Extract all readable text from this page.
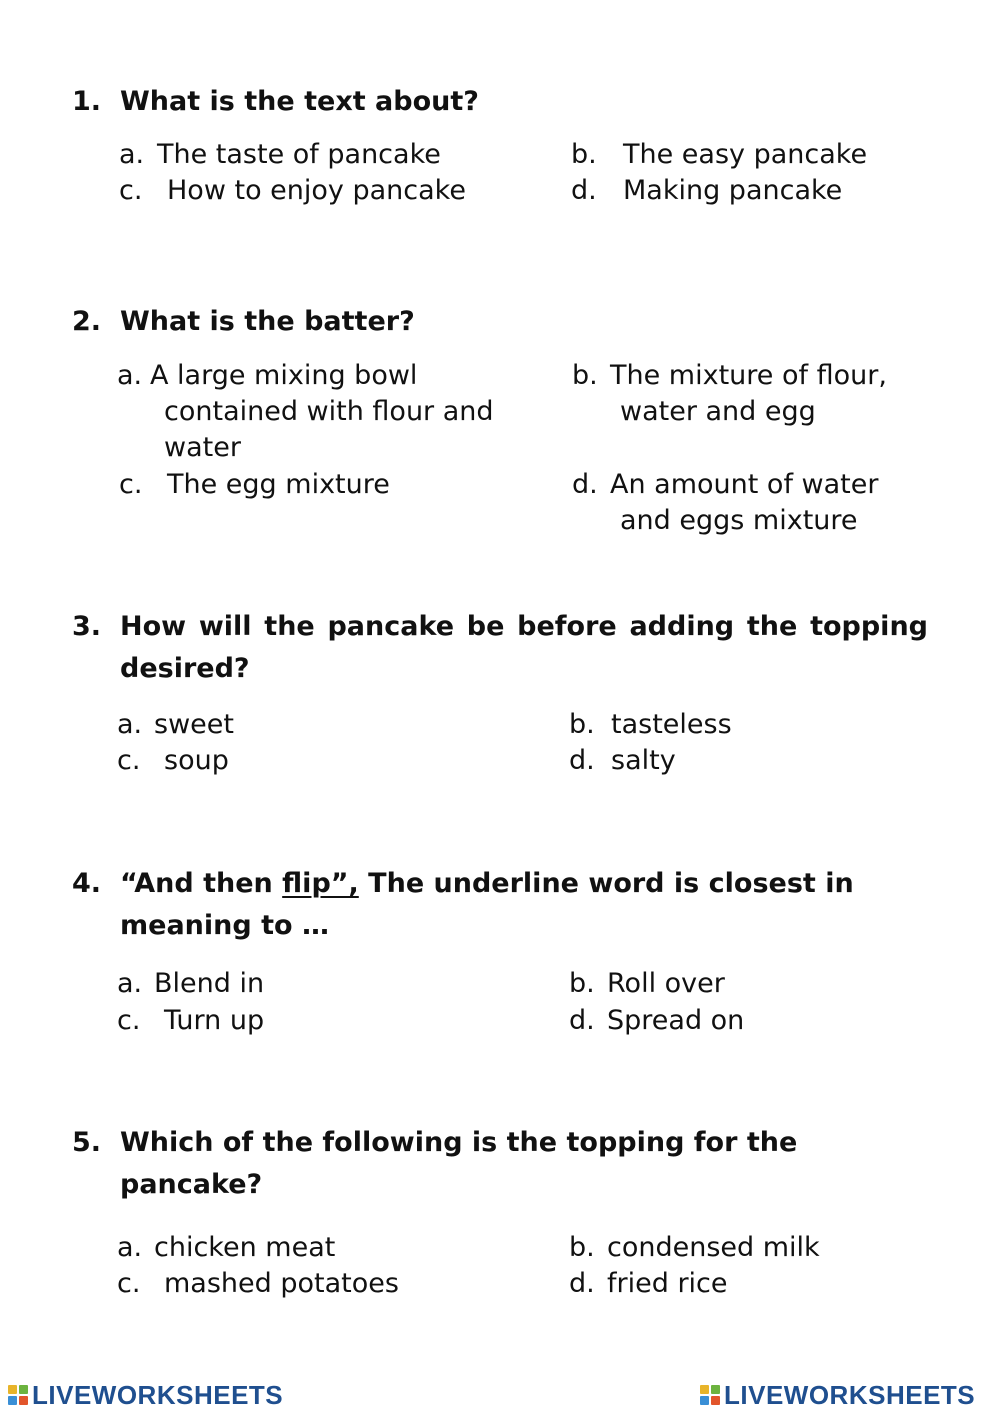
1. What is the text about?
a. The taste of pancake	b. The easy pancake
c. How to enjoy pancake	d. Making pancake
2. What is the batter?
a. A large mixing bowl contained with flour and water
b. The mixture of flour, water and egg
c. The egg mixture	d. An amount of water and eggs mixture
3. How will the pancake be before adding the topping desired?
a. sweet	b. tasteless
c. soup	d. salty
4. “And then flip”, The underline word is closest in meaning to …
a. Blend in	b. Roll over
c. Turn up	d. Spread on
5. Which of the following is the topping for the pancake?
a. chicken meat	b. condensed milk
c. mashed potatoes	d. fried rice
LIVEWORKSHEETS	LIVEWORKSHEETS
